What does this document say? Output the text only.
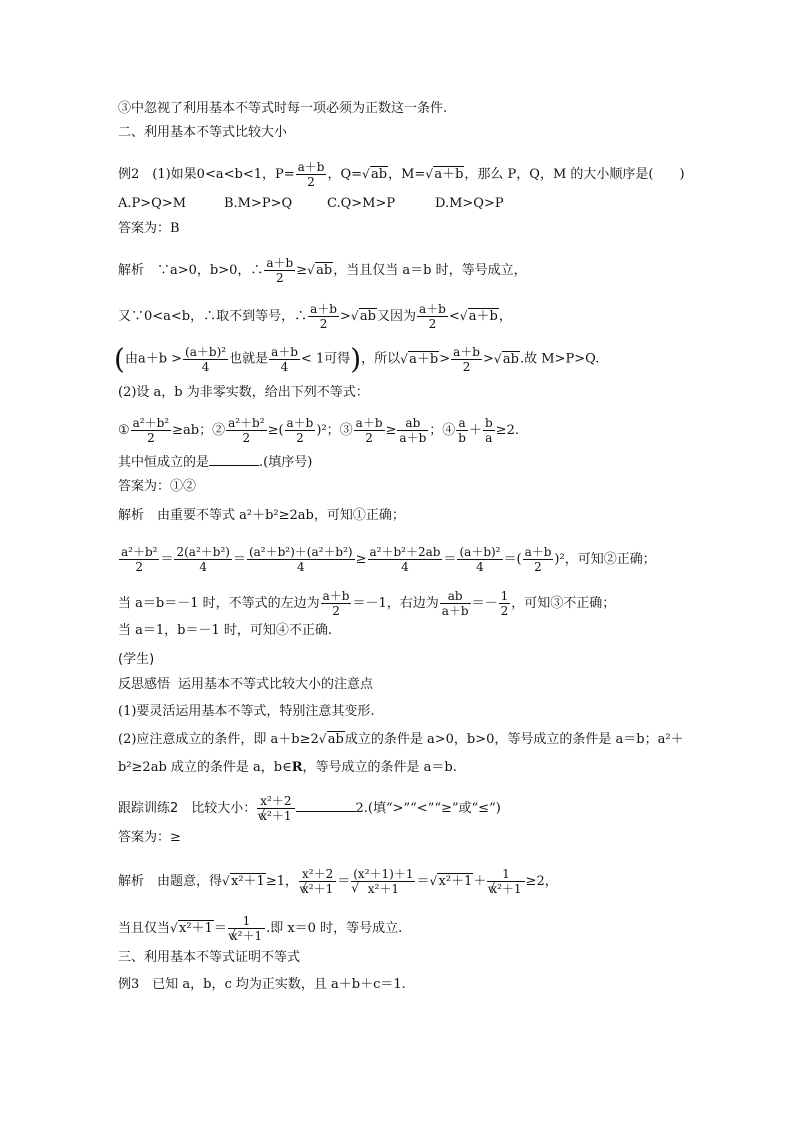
③中忽视了利用基本不等式时每一项必须为正数这一条件.
二、利用基本不等式比较大小
例2　(1)如果0<a<b<1，$P= \frac{a+b}{2}$ ，Q= √ ab，M= √ a＋b，那么 P，Q，M 的大小顺序是(　　)
A.P>Q>M	B.M>P>Q	C.Q>M>P	D.M>Q>P
答案为：B
解析　∵a>0，b>0，∴ $\frac{a+b}{2}$ ≥ √ ab，当且仅当 a＝b 时，等号成立，
又∵0<a<b，∴取不到等号，∴ $\frac{a+b}{2}$ > √ ab又因为 $\frac{a+b}{2}$ < √ a＋b，
(由$a+b > \frac{\text{(a＋b)²}}{4}$ 也就是 $\frac{a+b}{4} < 1$可得)，所以 √ $a+b> \frac{a+b}{2}$ > √ ab.故 M>P>Q.
(2)设 a，b 为非零实数，给出下列不等式：
① $\frac{\text{a²＋b²}}{2} \ge ab$；② $\frac{\text{a²＋b²}}{2}$ ≥( $\frac{a+b}{2} )^2$；③ $\frac{a+b}{2} \ge \frac{ab}{a+b}$ ；④ $\frac{a}{b} + \frac{b}{a} \ge 2$.
其中恒成立的是	.(填序号)
答案为：①②
解析　由重要不等式 a²＋b²≥2ab，可知①正确；
$\frac{\text{a²＋b²}}{2} = \frac{\text{2(a²＋b²)}}{4} = \frac{\text{(a²＋b²)＋(a²＋b²)}}{4} \ge \frac{\text{a²＋b²＋2ab}}{4} = \frac{\text{(a＋b)²}}{4}$ ＝( $\frac{a+b}{2} )^2$，可知②正确；
当 a＝b＝－1 时，不等式的左边为 $\frac{a+b}{2} =-1$，右边为 $\frac{ab}{a+b} =- \frac{1}{2}$ ，可知③不正确；
当 a＝1，b＝－1 时，可知④不正确.
(学生)
反思感悟 运用基本不等式比较大小的注意点
(1)要灵活运用基本不等式，特别注意其变形.
(2)应注意成立的条件，即 a＋b≥2 √ ab成立的条件是 a>0，b>0，等号成立的条件是 a＝b；a²＋
b²≥2ab 成立的条件是 a，b∈R，等号成立的条件是 a＝b.
跟踪训练2　比较大小： x²＋2
√ x²＋1	2.(填“>”“<”“≥”或“≤”)
答案为：≥
解析　由题意，得 √ x²＋1≥1， x²＋2
√ x²＋1 ＝ (x²＋1)＋1
√ x²＋1 ＝ √ x²＋1＋ 1
√ x²＋1 ≥2，
当且仅当 √ x²＋1＝ 1
√ x²＋1 .即 x＝0 时，等号成立.
三、利用基本不等式证明不等式
例3　已知 a，b，c 均为正实数，且 a＋b＋c＝1.
